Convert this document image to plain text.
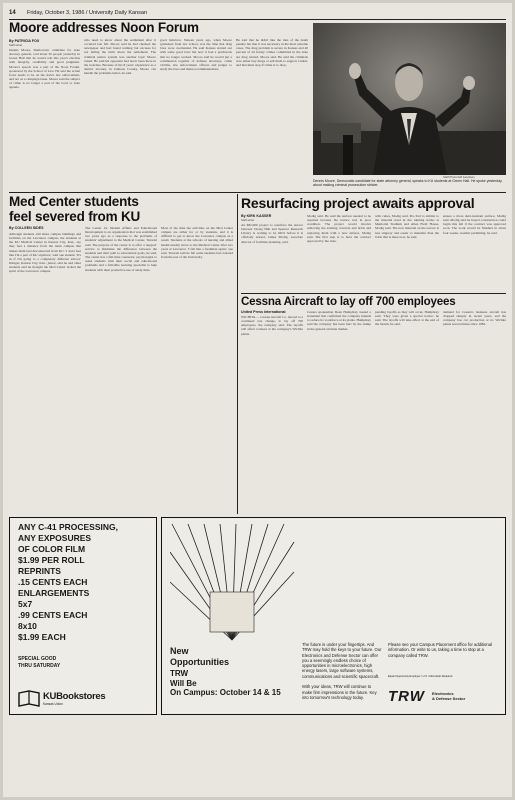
14 Friday, October 3, 1986 / University Daily Kansan
Moore addresses Noon Forum
By PATRICIA FOX
Staff writer
Dennis Moore, Democratic candidate for state attorney general, told about 30 people yesterday in Green Hall that he would win this year's election with integrity, credibility and good judgment. Moore's speech was a part of the Noon Forum, sponsored by the School of Law. He said the actual focus needs to be on the state's law enforcement, and not as a campaign issue. Moore said the subject of crime is no longer a part of the local or state agenda.
who need to know about the settlement after it occurred last fall. Moore said he had checked the newspaper and had found nothing but excuses for not telling the truth about the settlement. The criminal justice system was another topic Moore raised. He said his opponent had never been there in the trenches. Because of his 8 years' experience as a district attorney in Johnson County, Moore can handle the problems better, he said.
good behavior. Sixteen years ago, when Moore graduated from law school, was the time that drug laws were overhauled. He said Kansas started out with some good laws but now it had a patchwork that no longer worked. Moore said he would put a commission together of defense attorneys, crime victims, law enforcement officers and judges to study the laws and make recommendations.
He said that he didn't like the idea of the death penalty but that it was necessary in the most extreme cases. The drug problem is severe in Kansas and 40 percent of all felony crimes committed in the state are drug related, Moore said. He said the criminals now either buy drugs or sell them to support a habit, and that must stop if crime is to drop.
Staff Photo/Jeff Jacobsen
Dennis Moore, Democratic candidate for state attorney general, speaks to KU students at Green Hall. He spoke yesterday about making criminal prosecution stricter.
Med Center students
feel severed from KU
By COLLEEN SIDES
Although students still share campus buildings and facilities on the Lawrence campus, the students at the KU Medical Center in Kansas City, Kan., say they feel a distance from the main campus that makes them feel disconnected from KU. 'I don't feel like I'm a part of KU anymore,' said one student. 'It's as if I'm going to a completely different school.' Klinger, Kansas City, Kan., junior, said he and other students said he thought the Med Center lacked the spirit of the Lawrence campus.
The Center for Student Affairs and Educational Development is an organization that was established two years ago as a response to the problems of students' adjustment to the Medical Center, Tutorial said. The purpose of the center is to offer a 'support' service to minimize the difference between the students and their path to educational goals, he said. The center has a full-time counselor, psychologist to assist students with their social and educational problems and a full-time learning specialist to help students with their productive use of study time.
Most of the time the activities on the Med Center campus are either for or by students, and it is difficult to get to know the Lawrence campus as a result. Students at the schools of nursing and allied health usually move to the Medical Center after two years at Lawrence. 'I felt like a freshman again,' one said. Tutorial said he felt some students feel isolated from the rest of the University.
Resurfacing project awaits approval
By KIRK KASSER
Staff writer
An $82,000 project to resurface the terrace between Strong Hall and Spencer Research Library is waiting to be OK'd before it is officially started, James Modig, associate director of facilities planning, said.
Modig said. He said the surface needed to be repaired because the terrace was in poor condition. The project would involve removing the existing concrete and brick and replacing them with a new surface, Modig said. The first step is to have the contract approved by the state.
with cubes, Modig said. Pro-Tact is similar to the material used in the running tracks at Memorial Stadium and Allen Field House, Modig said. The new material on the terrace is less slippery and easier to maintain than the brick that is there now, he said.
ensure a more skid-resistant surface, Modig said. Modig said he hoped construction could begin this fall if the contract was approved soon. The work would be finished in about four weeks, weather permitting, he said.
Cessna Aircraft to lay off 700 employees
United Press International
WICHITA — Cessna Aircraft Co. moved to a continued rate change, to lay off 700 employees, the company said. The layoffs will affect workers at the company's Wichita plants.
Cessna spokesman Dean Humphrey issued a statement that confirmed the company intends to reduce its workforce at its plants. Humphrey said the company has been hurt by the slump in the general aviation market.
pending layoffs as they will occur, Humphrey said. 'They were given a special notice,' he said. The layoffs will take effect at the end of the month, he said.
demand for Cessna's business aircraft has dropped sharply in recent years, and the company has cut production at its Wichita plants several times since 1982.
ANY C-41 PROCESSING,
ANY EXPOSURES
OF COLOR FILM
$1.99 PER ROLL
REPRINTS
.15 CENTS EACH
ENLARGEMENTS
5x7
.99 CENTS EACH
8x10
$1.99 EACH
SPECIAL GOOD
THRU SATURDAY
KUBookstores
Kansas Union
New
Opportunities
TRW
Will Be
On Campus: October 14 & 15
The future is under your fingertips. And TRW may hold the keys to your future. Our Electronics and Defense Sector can offer you a seemingly endless choice of opportunities in microelectronics, high energy lasers, large software systems, communications and scientific spacecraft.

With your ideas, TRW will continue to make firm impressions in the future. Key into tomorrow's technology today.
Please see your Campus Placement office for additional information. Or write to us, taking a time to stop at a company called TRW.
Equal Opportunity Employer / U.S. Citizenship Required
TRW Electronics
& Defense Sector
